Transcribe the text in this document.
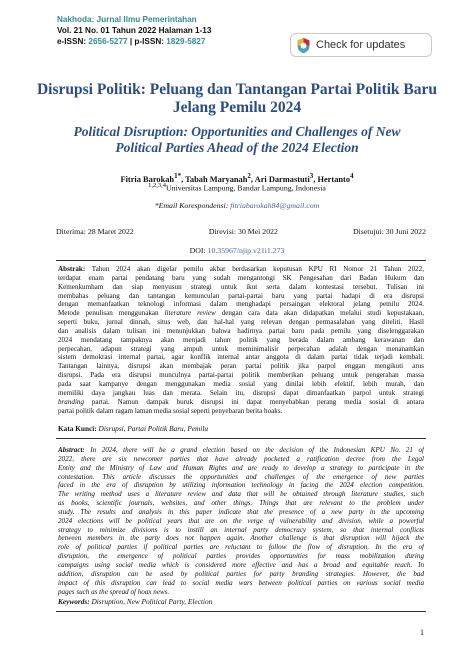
Nakhoda: Jurnal Ilmu Pemerintahan
Vol. 21 No. 01 Tahun 2022 Halaman 1-13
e-ISSN: 2656-5277 | p-ISSN: 1829-5827	Check for updates
Disrupsi Politik: Peluang dan Tantangan Partai Politik Baru
Jelang Pemilu 2024
Political Disruption: Opportunities and Challenges of New
Political Parties Ahead of the 2024 Election
Fitria Barokah$^{1*}$, Tabah Maryanah$^2$, Ari Darmastuti$^3$, Hertanto$^4$
$^{1,2,3,4}$Universitas Lampung, Bandar Lampung, Indonesia
*Email Korespondensi: fitriabarokah84@gmail.com
Diterima: 28 Maret 2022	Direvisi: 30 Mei 2022	Disetujui: 30 Juni 2022
DOI: 10.35967/njip.v21i1.273
Abstrak: Tahun 2024 akan digelar pemilu akbar berdasarkan keputusan KPU RI Nomor 21 Tahun 2022,
terdapat enam partai pendatang baru yang sudah mengantongi SK Pengesahan dari Badan Hukum dan
Kemenkumham dan siap menyusun strategi untuk ikut serta dalam kontestasi tersebut. Tulisan ini
membahas peluang dan tantangan kemunculan partai-partai baru yang partai hadapi di era disrupsi
dengan memanfaatkan teknologi informasi dalam menghadapi persaingan elektoral jelang pemilu 2024.
Metode penulisan menggunakan literature review dengan cara data akan didapatkan melalui studi kepustakaan,
seperti buku, jurnal dinnah, situs web, dan hal-hal yang relevan dengan permasalahan yang diteliti. Hasil
dan analisis dalam tulisan ini menunjukkan bahwa hadirnya partai baru pada pemilu yang diselenggarakan
2024 mendatang tampaknya akan menjadi tahun politik yang berada dalam ambang kerawanan dan
perpecahan, adapun strategi yang ampuh untuk meminimalisir perpecahan adalah dengan menanamkan
sistem demokrasi internal partai, agar konflik internal antar anggota di dalam partai tidak terjadi kembali.
Tantangan lainnya, disrupsi akan membajak peran partai politik jika parpol enggan mengikuti arus
disrupsi. Pada era disrupsi munculnya partai-partai politik memberikan peluang untuk pengerahan massa
pada saat kampanye dengan menggunakan media sosial yang dinilai lebih efektif, lebih murah, dan
memiliki daya jangkau luas dan merata. Selain itu, disrupsi dapat dimanfaatkan parpol untuk strategi
branding partai. Namun dampak buruk disrupsi ini dapat menyebabkan perang media sosial di antara
partai politik dalam ragam laman media sosial seperti penyebaran berita hoaks.
Kata Kunci: Disrupsi, Partai Politik Baru, Pemilu
Abstract: In 2024, there will be a grand election based on the decision of the Indonesian KPU No. 21 of
2022, there are six newcomer parties that have already pocketed a ratification decree from the Legal
Entity and the Ministry of Law and Human Rights and are ready to develop a strategy to participate in the
contestation. This article discusses the opportunities and challenges of the emergence of new parties
faced in the era of disruption by utilizing information technology in facing the 2024 election competition.
The writing method uses a literature review and data that will be obtained through literature studies, such
as books, scientific journals, websites, and other things. Things that are relevant to the problem under
study. The results and analysis in this paper indicate that the presence of a new party in the upcoming
2024 elections will be political years that are on the verge of vulnerability and division, while a powerful
strategy to minimize divisions is to instill an internal party democracy system, so that internal conflicts
between members in the party does not happen again. Another challenge is that disruption will hijack the
role of political parties if political parties are reluctant to follow the flow of disruption. In the era of
disruption, the emergence of political parties provides opportunities for mass mobilization during
campaigns using social media which is considered more effective and has a broad and equitable reach. In
addition, disruption can be used by political parties for party branding strategies. However, the bad
impact of this disruption can lead to social media wars between political parties on various social media
pages such as the spread of hoax news.
Keywords: Disruption, New Political Party, Election
1
